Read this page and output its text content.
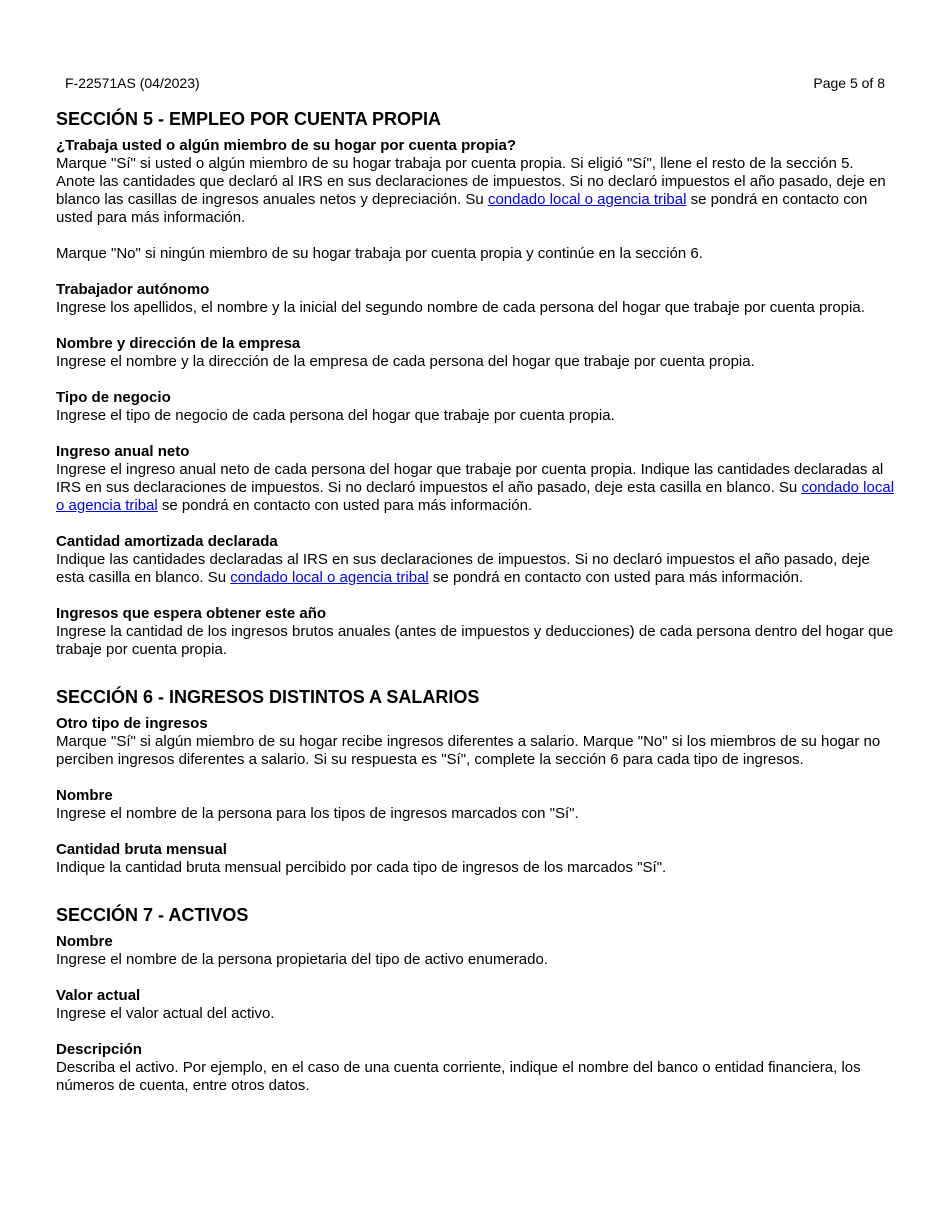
F-22571AS (04/2023)	Page 5 of 8
SECCIÓN 5 - EMPLEO POR CUENTA PROPIA
¿Trabaja usted o algún miembro de su hogar por cuenta propia?
Marque "Sí" si usted o algún miembro de su hogar trabaja por cuenta propia. Si eligió "Sí", llene el resto de la sección 5. Anote las cantidades que declaró al IRS en sus declaraciones de impuestos. Si no declaró impuestos el año pasado, deje en blanco las casillas de ingresos anuales netos y depreciación. Su condado local o agencia tribal se pondrá en contacto con usted para más información.
Marque "No" si ningún miembro de su hogar trabaja por cuenta propia y continúe en la sección 6.
Trabajador autónomo
Ingrese los apellidos, el nombre y la inicial del segundo nombre de cada persona del hogar que trabaje por cuenta propia.
Nombre y dirección de la empresa
Ingrese el nombre y la dirección de la empresa de cada persona del hogar que trabaje por cuenta propia.
Tipo de negocio
Ingrese el tipo de negocio de cada persona del hogar que trabaje por cuenta propia.
Ingreso anual neto
Ingrese el ingreso anual neto de cada persona del hogar que trabaje por cuenta propia. Indique las cantidades declaradas al IRS en sus declaraciones de impuestos. Si no declaró impuestos el año pasado, deje esta casilla en blanco. Su condado local o agencia tribal se pondrá en contacto con usted para más información.
Cantidad amortizada declarada
Indique las cantidades declaradas al IRS en sus declaraciones de impuestos. Si no declaró impuestos el año pasado, deje esta casilla en blanco. Su condado local o agencia tribal se pondrá en contacto con usted para más información.
Ingresos que espera obtener este año
Ingrese la cantidad de los ingresos brutos anuales (antes de impuestos y deducciones) de cada persona dentro del hogar que trabaje por cuenta propia.
SECCIÓN 6 - INGRESOS DISTINTOS A SALARIOS
Otro tipo de ingresos
Marque "Sí" si algún miembro de su hogar recibe ingresos diferentes a salario. Marque "No" si los miembros de su hogar no perciben ingresos diferentes a salario. Si su respuesta es "Sí", complete la sección 6 para cada tipo de ingresos.
Nombre
Ingrese el nombre de la persona para los tipos de ingresos marcados con "Sí".
Cantidad bruta mensual
Indique la cantidad bruta mensual percibido por cada tipo de ingresos de los marcados "Sí".
SECCIÓN 7 - ACTIVOS
Nombre
Ingrese el nombre de la persona propietaria del tipo de activo enumerado.
Valor actual
Ingrese el valor actual del activo.
Descripción
Describa el activo. Por ejemplo, en el caso de una cuenta corriente, indique el nombre del banco o entidad financiera, los números de cuenta, entre otros datos.
